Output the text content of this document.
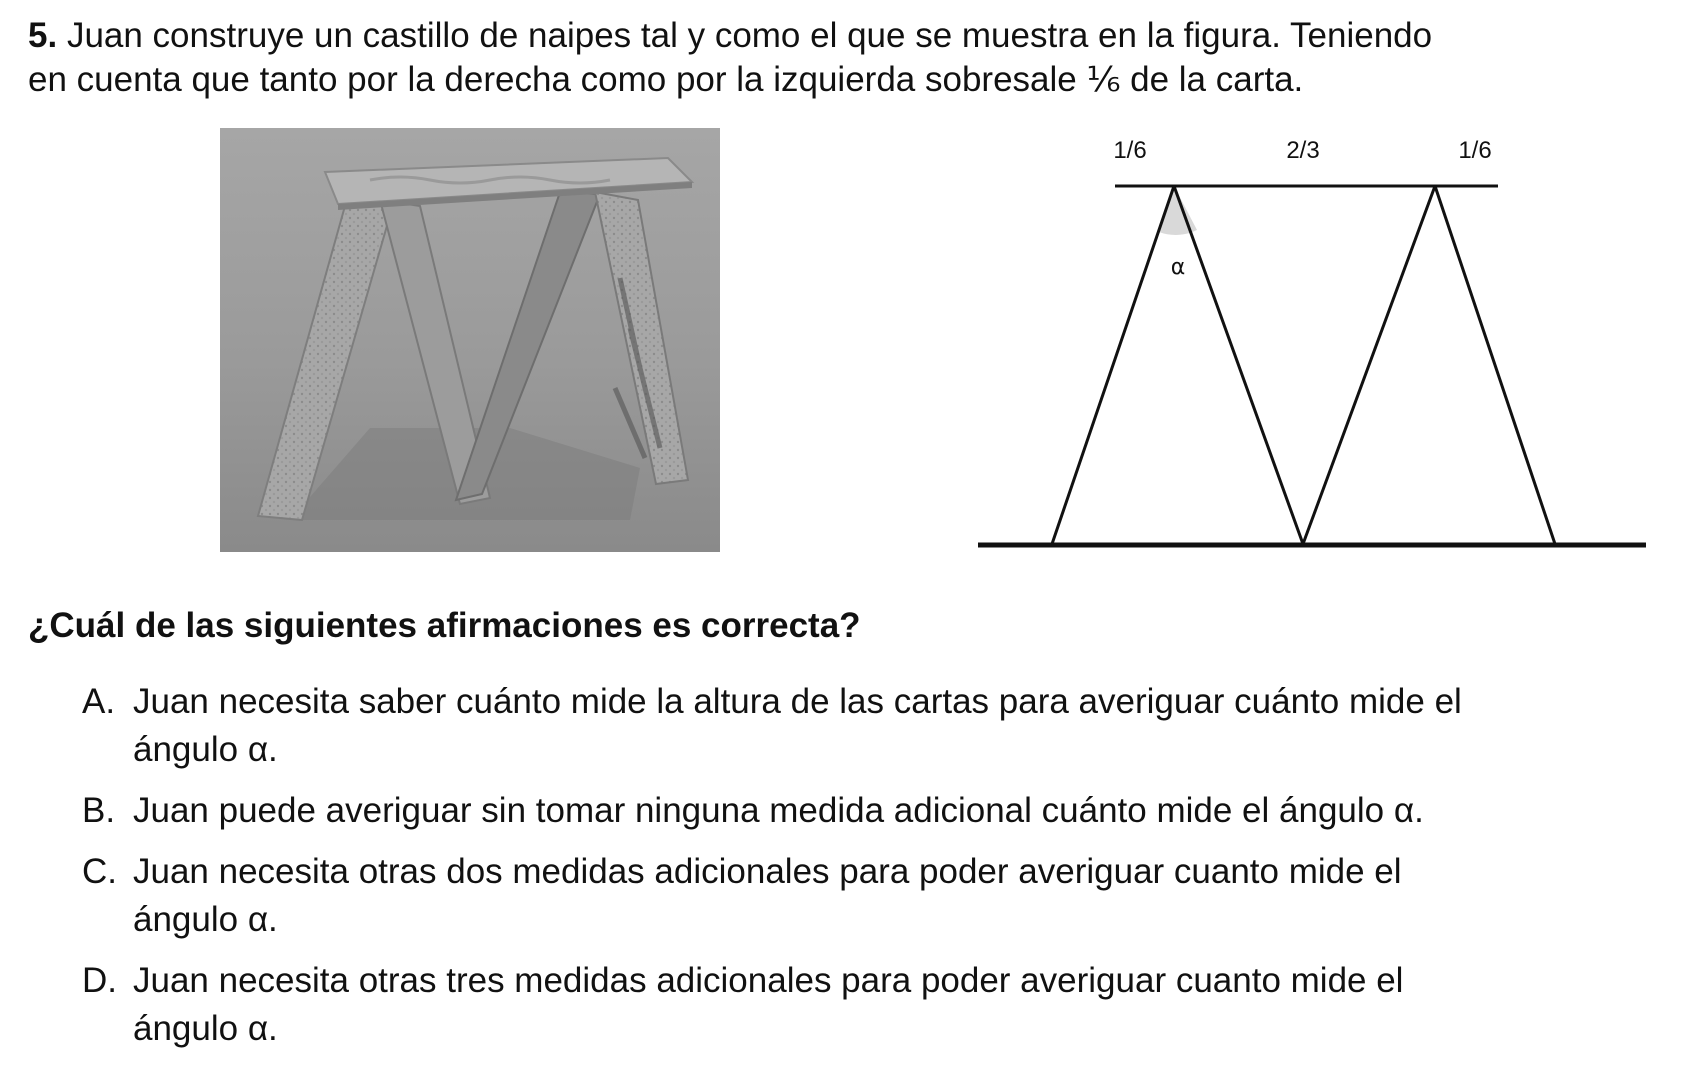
5. Juan construye un castillo de naipes tal y como el que se muestra en la figura. Teniendo

en cuenta que tanto por la derecha como por la izquierda sobresale ⅙ de la carta.

1/6	2/3	1/6
α

¿Cuál de las siguientes afirmaciones es correcta?

A. Juan necesita saber cuánto mide la altura de las cartas para averiguar cuánto mide el
ángulo α.
B. Juan puede averiguar sin tomar ninguna medida adicional cuánto mide el ángulo α.
C. Juan necesita otras dos medidas adicionales para poder averiguar cuanto mide el
ángulo α.
D. Juan necesita otras tres medidas adicionales para poder averiguar cuanto mide el
ángulo α.
